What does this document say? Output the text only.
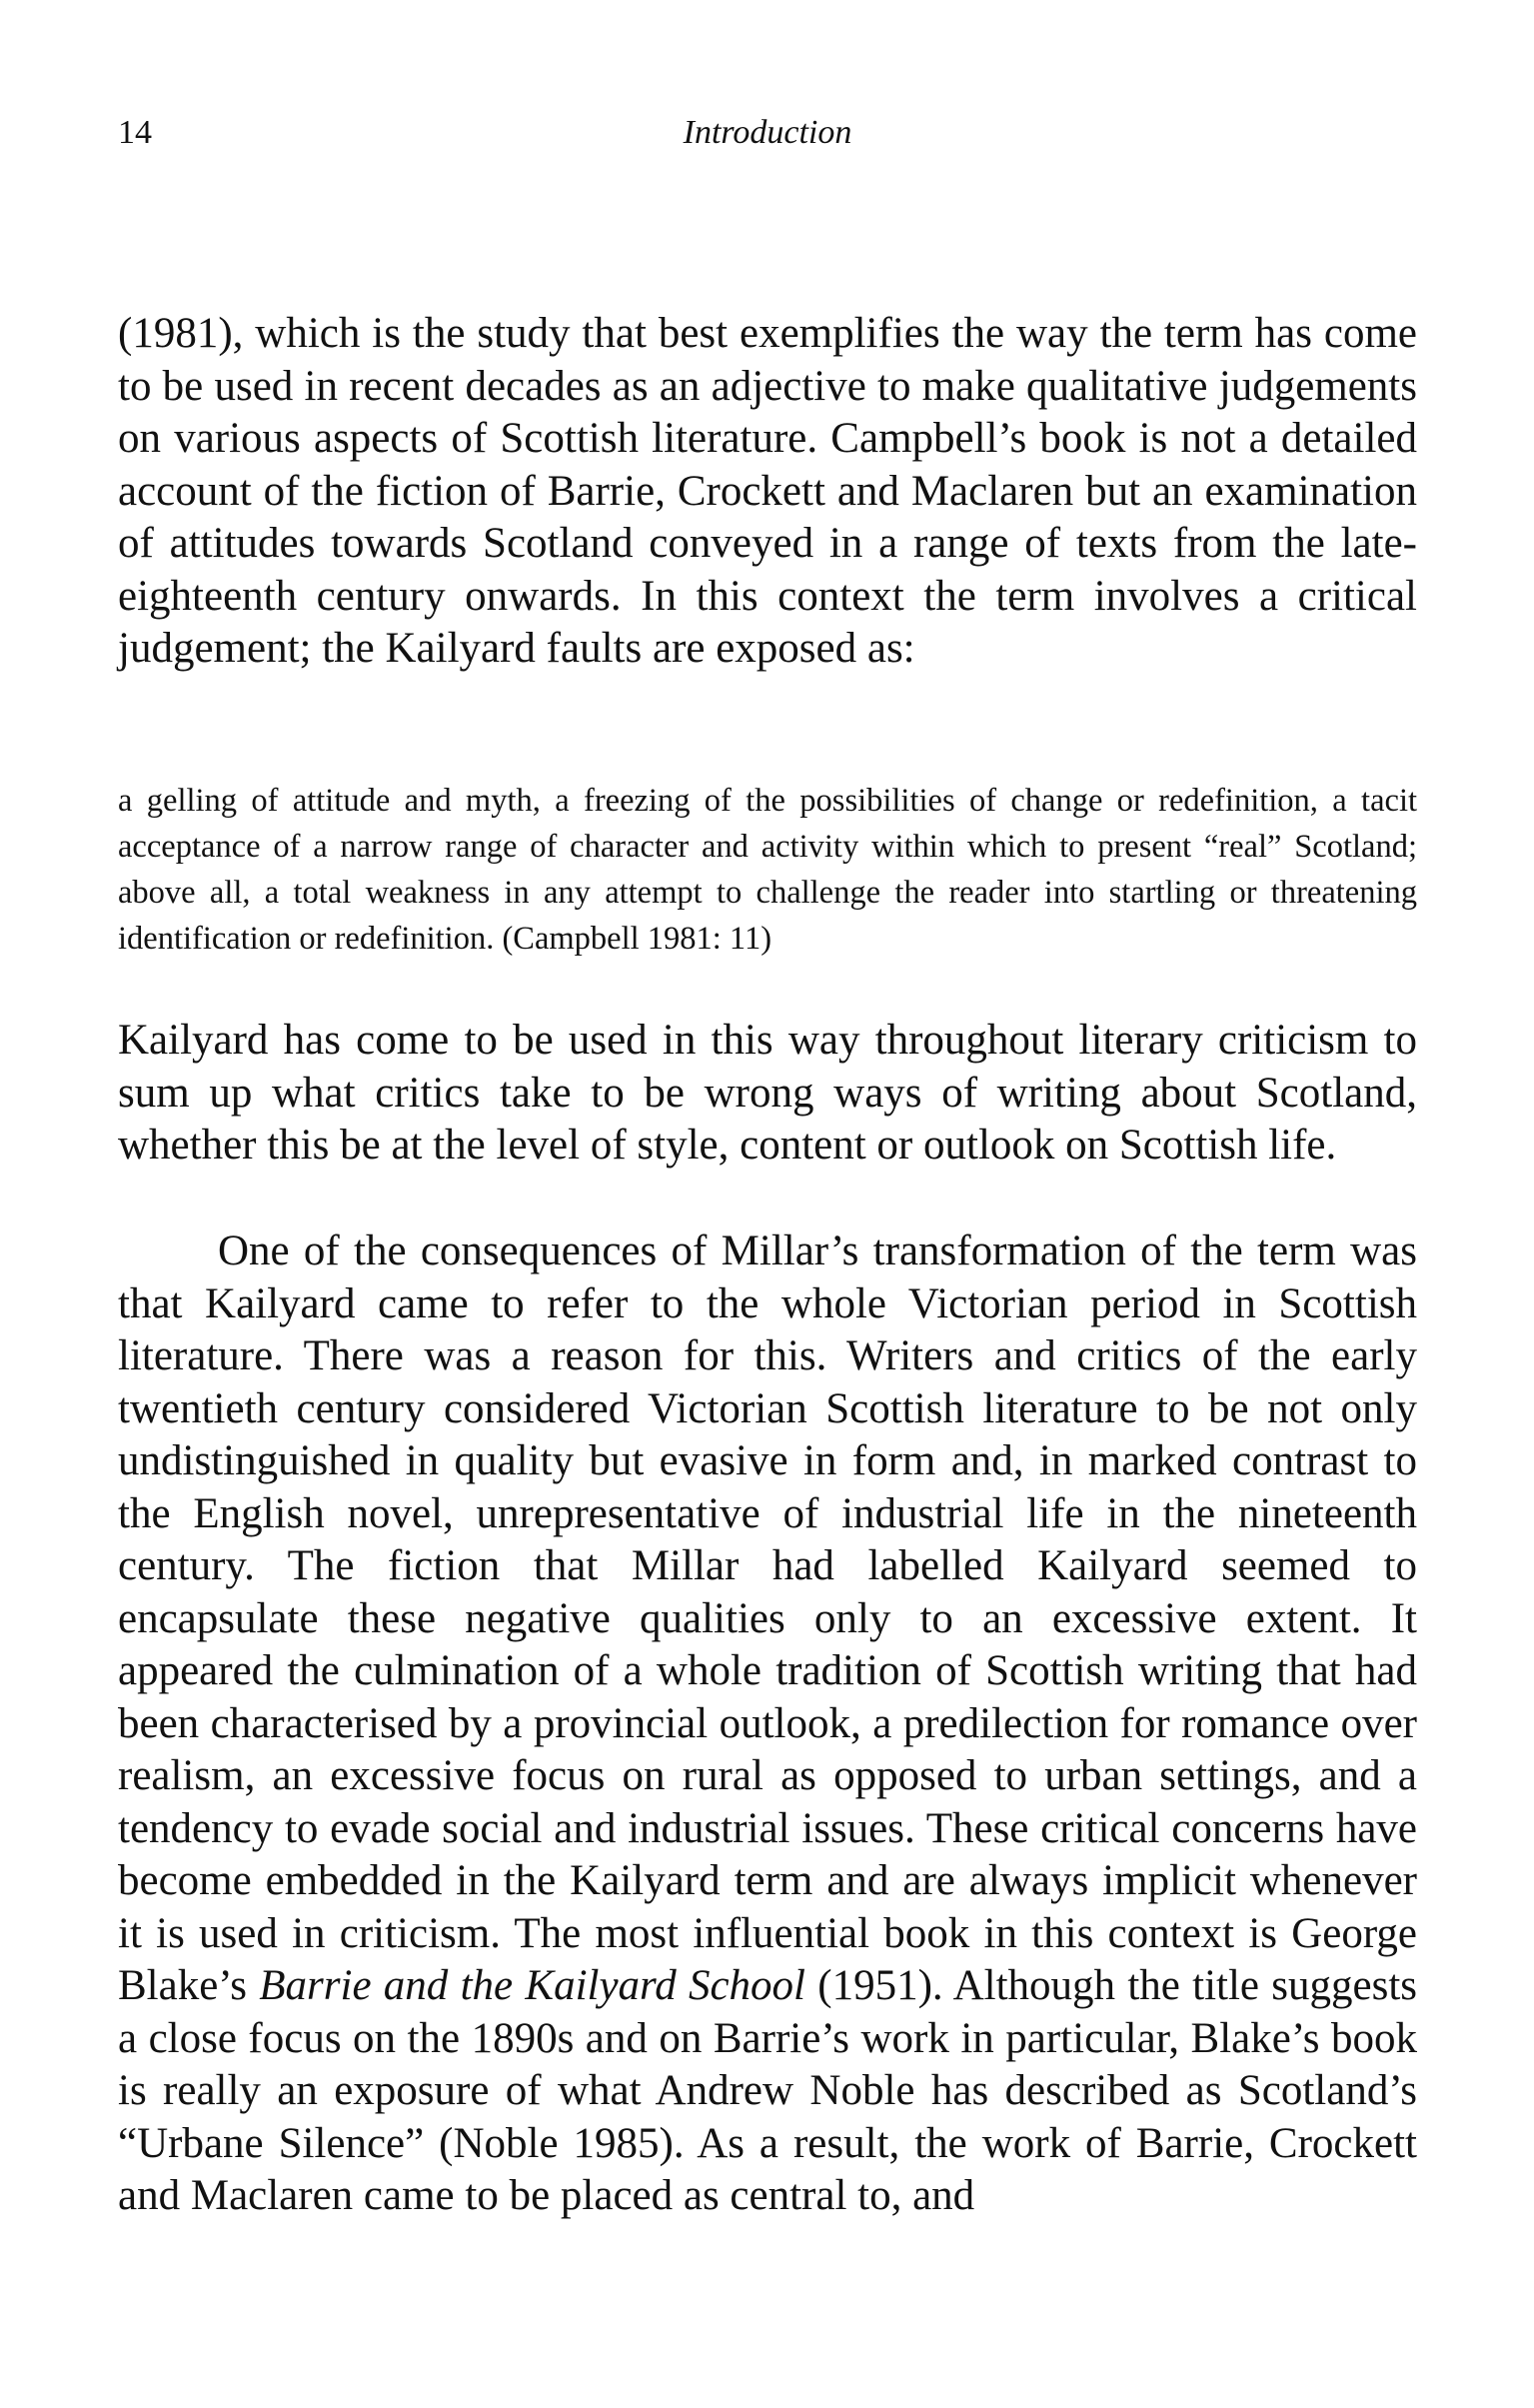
14	Introduction

(1981), which is the study that best exemplifies the way the term has come to be used in recent decades as an adjective to make qualitative judgements on various aspects of Scottish literature. Campbell’s book is not a detailed account of the fiction of Barrie, Crockett and Maclaren but an examination of attitudes towards Scotland conveyed in a range of texts from the late-eighteenth century onwards. In this context the term involves a critical judgement; the Kailyard faults are exposed as:

a gelling of attitude and myth, a freezing of the possibilities of change or redefinition, a tacit acceptance of a narrow range of character and activity within which to present “real” Scotland; above all, a total weakness in any attempt to challenge the reader into startling or threatening identification or redefinition. (Campbell 1981: 11)

Kailyard has come to be used in this way throughout literary criticism to sum up what critics take to be wrong ways of writing about Scotland, whether this be at the level of style, content or outlook on Scottish life.

One of the consequences of Millar’s transformation of the term was that Kailyard came to refer to the whole Victorian period in Scottish literature. There was a reason for this. Writers and critics of the early twentieth century considered Victorian Scottish literature to be not only undistinguished in quality but evasive in form and, in marked contrast to the English novel, unrepresentative of industrial life in the nineteenth century. The fiction that Millar had labelled Kailyard seemed to encapsulate these negative qualities only to an excessive extent. It appeared the culmination of a whole tradition of Scottish writing that had been characterised by a provincial outlook, a predilection for romance over realism, an excessive focus on rural as opposed to urban settings, and a tendency to evade social and industrial issues. These critical concerns have become embedded in the Kailyard term and are always implicit whenever it is used in criticism. The most influential book in this context is George Blake’s Barrie and the Kailyard School (1951). Although the title suggests a close focus on the 1890s and on Barrie’s work in particular, Blake’s book is really an exposure of what Andrew Noble has described as Scotland’s “Urbane Silence” (Noble 1985). As a result, the work of Barrie, Crockett and Maclaren came to be placed as central to, and
